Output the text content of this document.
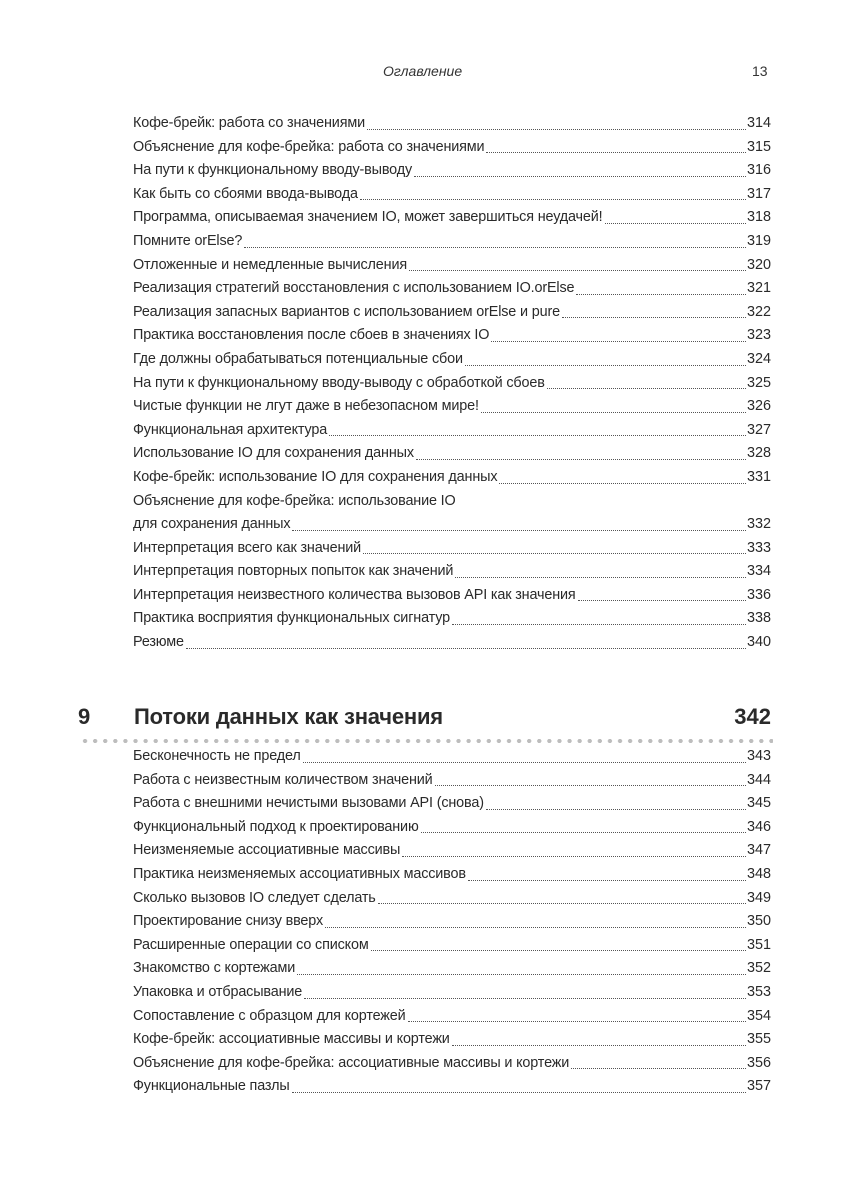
Оглавление	13
Кофе-брейк: работа со значениями	314
Объяснение для кофе-брейка: работа со значениями	315
На пути к функциональному вводу-выводу	316
Как быть со сбоями ввода-вывода	317
Программа, описываемая значением IO, может завершиться неудачей!	318
Помните orElse?	319
Отложенные и немедленные вычисления	320
Реализация стратегий восстановления с использованием IO.orElse	321
Реализация запасных вариантов с использованием orElse и pure	322
Практика восстановления после сбоев в значениях IO	323
Где должны обрабатываться потенциальные сбои	324
На пути к функциональному вводу-выводу с обработкой сбоев	325
Чистые функции не лгут даже в небезопасном мире!	326
Функциональная архитектура	327
Использование IO для сохранения данных	328
Кофе-брейк: использование IO для сохранения данных	331
Объяснение для кофе-брейка: использование IO
для сохранения данных	332
Интерпретация всего как значений	333
Интерпретация повторных попыток как значений	334
Интерпретация неизвестного количества вызовов API как значения	336
Практика восприятия функциональных сигнатур	338
Резюме	340
9 Потоки данных как значения	342
Бесконечность не предел	343
Работа с неизвестным количеством значений	344
Работа с внешними нечистыми вызовами API (снова)	345
Функциональный подход к проектированию	346
Неизменяемые ассоциативные массивы	347
Практика неизменяемых ассоциативных массивов	348
Сколько вызовов IO следует сделать	349
Проектирование снизу вверх	350
Расширенные операции со списком	351
Знакомство с кортежами	352
Упаковка и отбрасывание	353
Сопоставление с образцом для кортежей	354
Кофе-брейк: ассоциативные массивы и кортежи	355
Объяснение для кофе-брейка: ассоциативные массивы и кортежи	356
Функциональные пазлы	357
